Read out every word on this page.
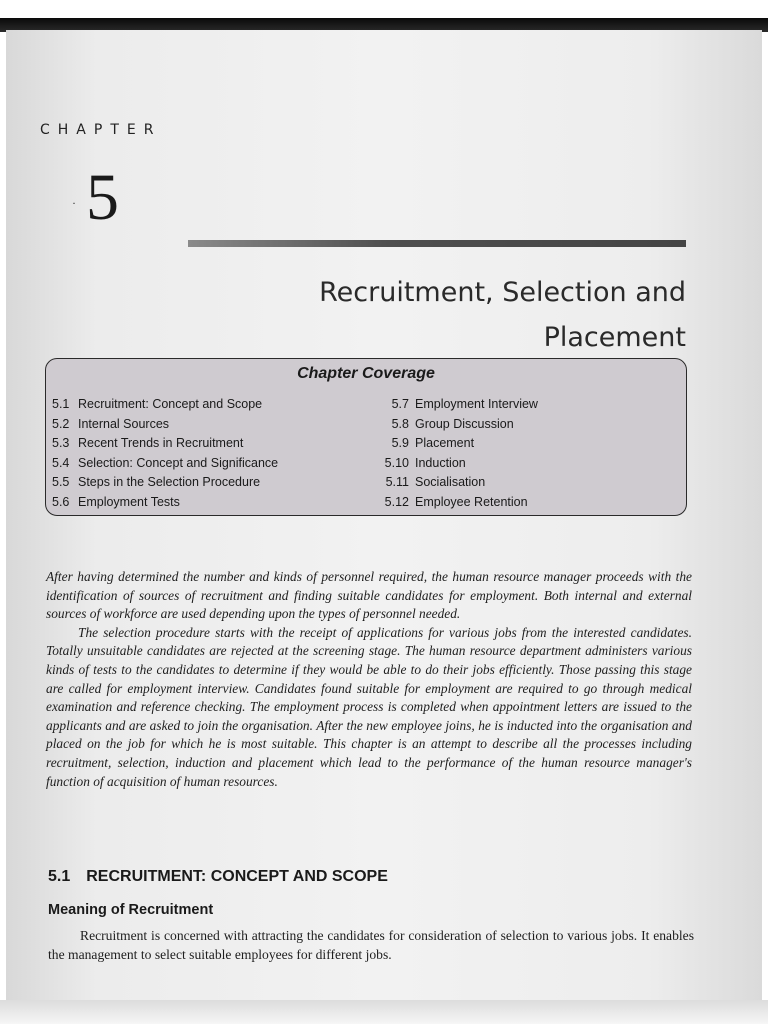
CHAPTER
· 5
Recruitment, Selection and Placement
Chapter Coverage
5.1 Recruitment: Concept and Scope
5.2 Internal Sources
5.3 Recent Trends in Recruitment
5.4 Selection: Concept and Significance
5.5 Steps in the Selection Procedure
5.6 Employment Tests
5.7 Employment Interview
5.8 Group Discussion
5.9 Placement
5.10 Induction
5.11 Socialisation
5.12 Employee Retention

After having determined the number and kinds of personnel required, the human resource manager proceeds with the identification of sources of recruitment and finding suitable candidates for employment. Both internal and external sources of workforce are used depending upon the types of personnel needed.

The selection procedure starts with the receipt of applications for various jobs from the interested candidates. Totally unsuitable candidates are rejected at the screening stage. The human resource department administers various kinds of tests to the candidates to determine if they would be able to do their jobs efficiently. Those passing this stage are called for employment interview. Candidates found suitable for employment are required to go through medical examination and reference checking. The employment process is completed when appointment letters are issued to the applicants and are asked to join the organisation. After the new employee joins, he is inducted into the organisation and placed on the job for which he is most suitable. This chapter is an attempt to describe all the processes including recruitment, selection, induction and placement which lead to the performance of the human resource manager's function of acquisition of human resources.

5.1 RECRUITMENT: CONCEPT AND SCOPE
Meaning of Recruitment
Recruitment is concerned with attracting the candidates for consideration of selection to various jobs. It enables the management to select suitable employees for different jobs.
